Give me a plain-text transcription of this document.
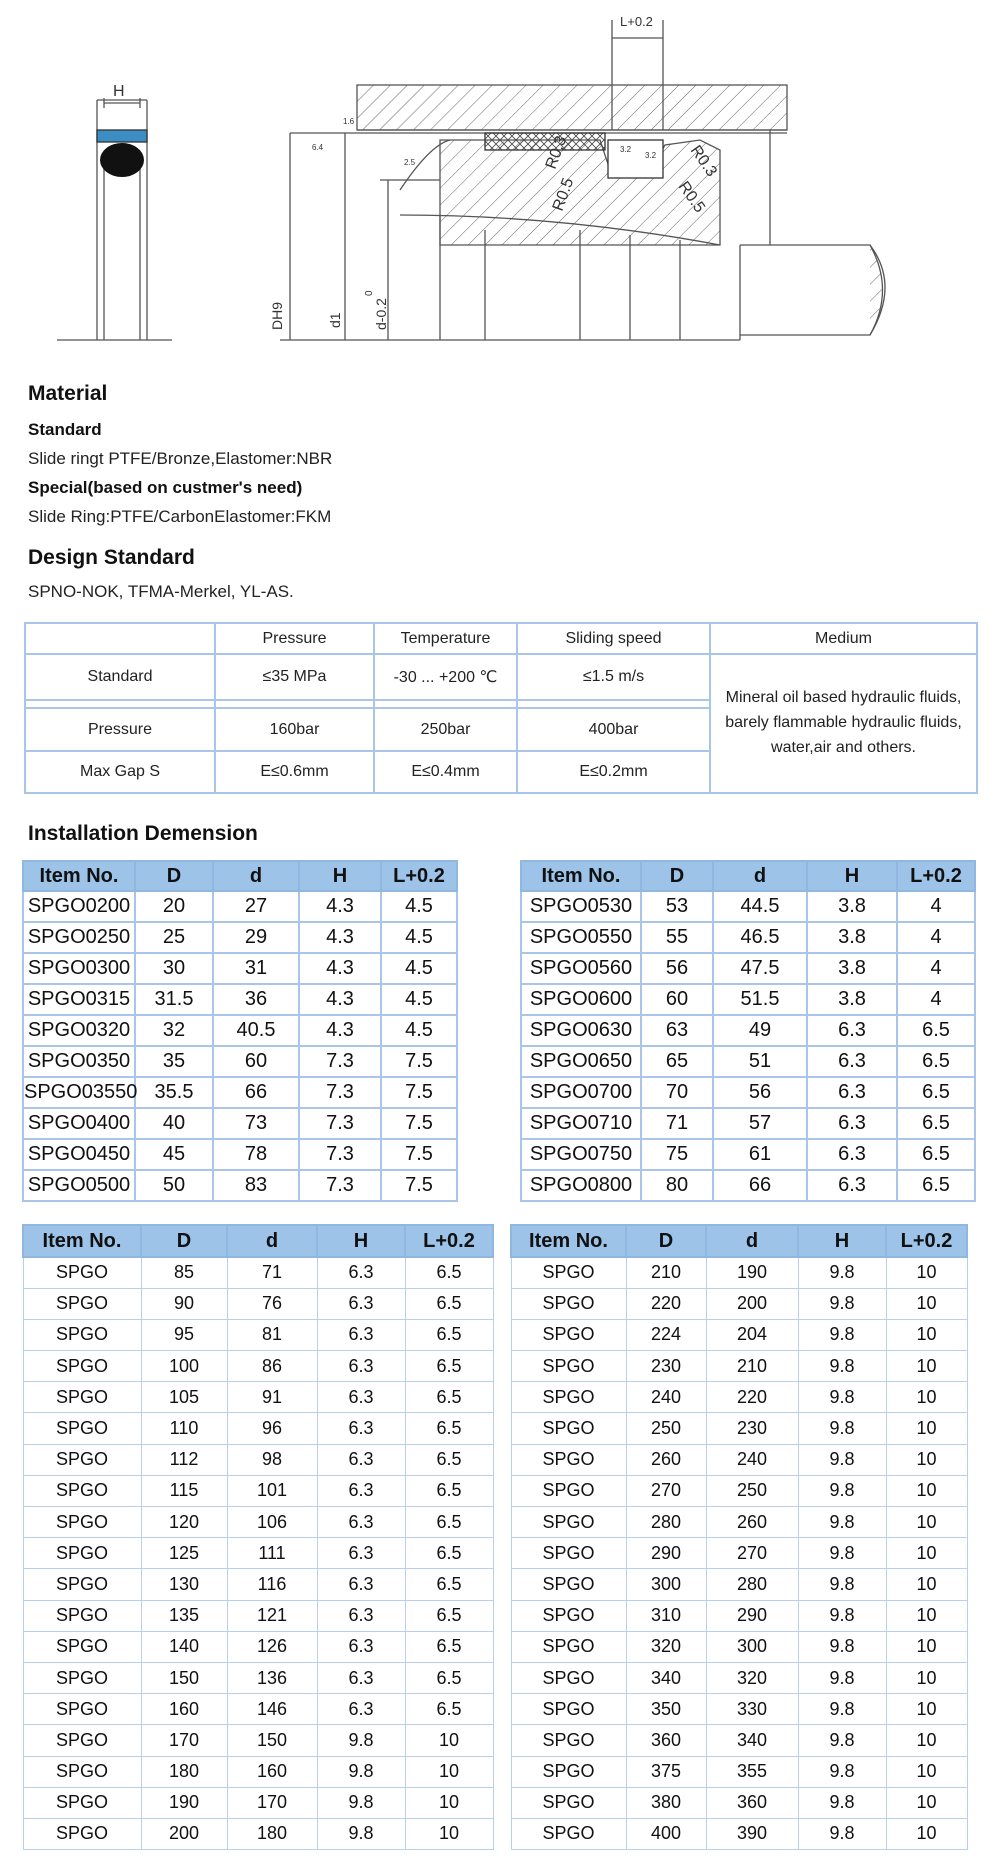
H
L+0.2
1.6
6.4
2.5
3.2
3.2
R0.3
R0.5
R0.3
R0.5
DH9	d1
0
d-0.2
Material
Standard
Slide ringt PTFE/Bronze,Elastomer:NBR
Special(based on custmer's need)
Slide Ring:PTFE/CarbonElastomer:FKM
Design Standard
SPNO-NOK, TFMA-Merkel, YL-AS.
	Pressure	Temperature	Sliding speed	Medium
Standard	≤35 MPa	-30 ... +200 ℃	≤1.5 m/s	Mineral oil based hydraulic fluids, barely flammable hydraulic fluids, water,air and others.

Pressure	160bar	250bar	400bar	
Max Gap S	E≤0.6mm	E≤0.4mm	E≤0.2mm	
Installation Demension
Item No.	D	d	H	L+0.2
SPGO0200	20	27	4.3	4.5
SPGO0250	25	29	4.3	4.5
SPGO0300	30	31	4.3	4.5
SPGO0315	31.5	36	4.3	4.5
SPGO0320	32	40.5	4.3	4.5
SPGO0350	35	60	7.3	7.5
SPGO03550	35.5	66	7.3	7.5
SPGO0400	40	73	7.3	7.5
SPGO0450	45	78	7.3	7.5
SPGO0500	50	83	7.3	7.5
Item No.	D	d	H	L+0.2
SPGO0530	53	44.5	3.8	4
SPGO0550	55	46.5	3.8	4
SPGO0560	56	47.5	3.8	4
SPGO0600	60	51.5	3.8	4
SPGO0630	63	49	6.3	6.5
SPGO0650	65	51	6.3	6.5
SPGO0700	70	56	6.3	6.5
SPGO0710	71	57	6.3	6.5
SPGO0750	75	61	6.3	6.5
SPGO0800	80	66	6.3	6.5
Item No.	D	d	H	L+0.2
SPGO	85	71	6.3	6.5
SPGO	90	76	6.3	6.5
SPGO	95	81	6.3	6.5
SPGO	100	86	6.3	6.5
SPGO	105	91	6.3	6.5
SPGO	110	96	6.3	6.5
SPGO	112	98	6.3	6.5
SPGO	115	101	6.3	6.5
SPGO	120	106	6.3	6.5
SPGO	125	111	6.3	6.5
SPGO	130	116	6.3	6.5
SPGO	135	121	6.3	6.5
SPGO	140	126	6.3	6.5
SPGO	150	136	6.3	6.5
SPGO	160	146	6.3	6.5
SPGO	170	150	9.8	10
SPGO	180	160	9.8	10
SPGO	190	170	9.8	10
SPGO	200	180	9.8	10
Item No.	D	d	H	L+0.2
SPGO	210	190	9.8	10
SPGO	220	200	9.8	10
SPGO	224	204	9.8	10
SPGO	230	210	9.8	10
SPGO	240	220	9.8	10
SPGO	250	230	9.8	10
SPGO	260	240	9.8	10
SPGO	270	250	9.8	10
SPGO	280	260	9.8	10
SPGO	290	270	9.8	10
SPGO	300	280	9.8	10
SPGO	310	290	9.8	10
SPGO	320	300	9.8	10
SPGO	340	320	9.8	10
SPGO	350	330	9.8	10
SPGO	360	340	9.8	10
SPGO	375	355	9.8	10
SPGO	380	360	9.8	10
SPGO	400	390	9.8	10
